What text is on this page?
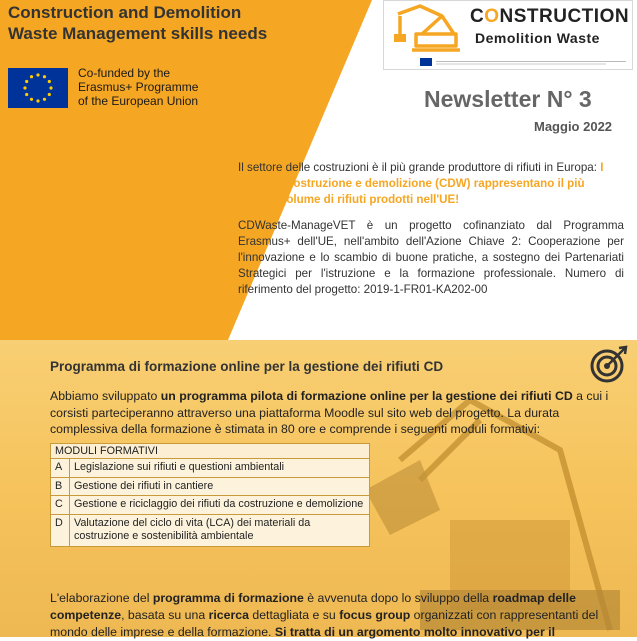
Construction and Demolition
Waste Management skills needs
Co-funded by the
Erasmus+ Programme
of the European Union
CONSTRUCTION
Demolition Waste
Newsletter N° 3
Maggio 2022
Il settore delle costruzioni è il più grande produttore di rifiuti in Europa: I rifiuti da costruzione e demolizione (CDW) rappresentano il più grande volume di rifiuti prodotti nell'UE!
CDWaste-ManageVET è un progetto cofinanziato dal Programma Erasmus+ dell'UE, nell'ambito dell'Azione Chiave 2: Cooperazione per l'innovazione e lo scambio di buone pratiche, a sostegno dei Partenariati Strategici per l'istruzione e la formazione professionale. Numero di riferimento del progetto: 2019-1-FR01-KA202-00
Programma di formazione online per la gestione dei rifiuti CD
Abbiamo sviluppato un programma pilota di formazione online per la gestione dei rifiuti CD a cui i corsisti parteciperanno attraverso una piattaforma Moodle sul sito web del progetto. La durata complessiva della formazione è stimata in 80 ore e comprende i seguenti moduli formativi:
MODULI FORMATIVI	
A	Legislazione sui rifiuti e questioni ambientali
B	Gestione dei rifiuti in cantiere
C	Gestione e riciclaggio dei rifiuti da costruzione e demolizione
D	Valutazione del ciclo di vita (LCA) dei materiali da costruzione e sostenibilità ambientale
L'elaborazione del programma di formazione è avvenuta dopo lo sviluppo della roadmap delle competenze, basata su una ricerca dettagliata e su focus group organizzati con rappresentanti del mondo delle imprese e della formazione. Si tratta di un argomento molto innovativo per il
